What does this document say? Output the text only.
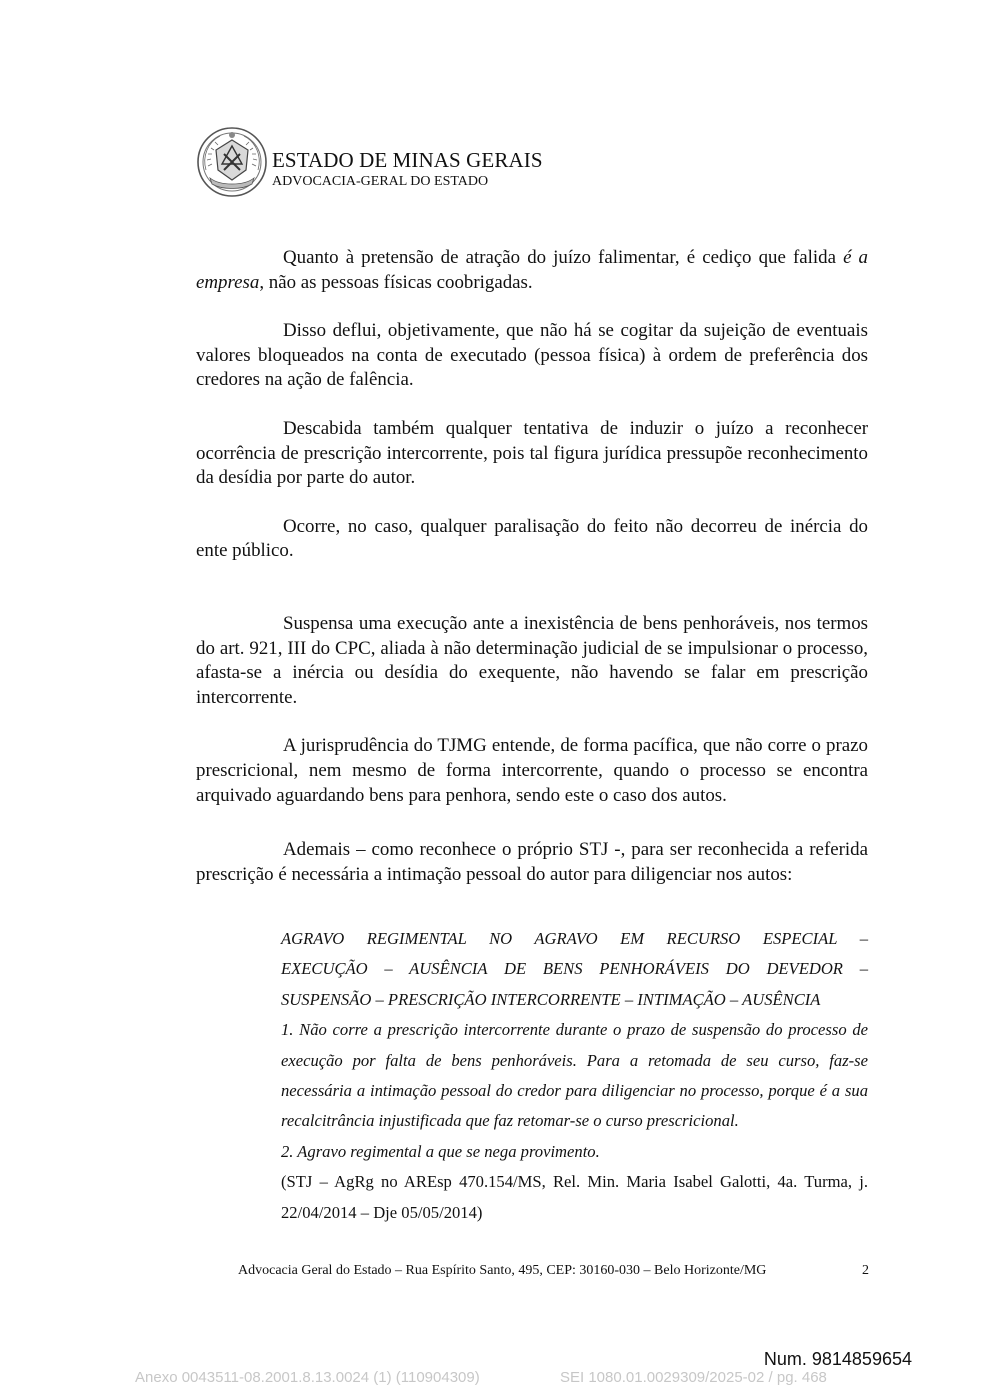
ESTADO DE MINAS GERAIS
ADVOCACIA-GERAL DO ESTADO

Quanto à pretensão de atração do juízo falimentar, é cediço que falida é a empresa, não as pessoas físicas coobrigadas.

Disso deflui, objetivamente, que não há se cogitar da sujeição de eventuais valores bloqueados na conta de executado (pessoa física) à ordem de preferência dos credores na ação de falência.

Descabida também qualquer tentativa de induzir o juízo a reconhecer ocorrência de prescrição intercorrente, pois tal figura jurídica pressupõe reconhecimento da desídia por parte do autor.

Ocorre, no caso, qualquer paralisação do feito não decorreu de inércia do ente público.

Suspensa uma execução ante a inexistência de bens penhoráveis, nos termos do art. 921, III do CPC, aliada à não determinação judicial de se impulsionar o processo, afasta-se a inércia ou desídia do exequente, não havendo se falar em prescrição intercorrente.

A jurisprudência do TJMG entende, de forma pacífica, que não corre o prazo prescricional, nem mesmo de forma intercorrente, quando o processo se encontra arquivado aguardando bens para penhora, sendo este o caso dos autos.

Ademais – como reconhece o próprio STJ -, para ser reconhecida a referida prescrição é necessária a intimação pessoal do autor para diligenciar nos autos:

AGRAVO REGIMENTAL NO AGRAVO EM RECURSO ESPECIAL –

EXECUÇÃO – AUSÊNCIA DE BENS PENHORÁVEIS DO DEVEDOR –

SUSPENSÃO – PRESCRIÇÃO INTERCORRENTE – INTIMAÇÃO – AUSÊNCIA

1. Não corre a prescrição intercorrente durante o prazo de suspensão do processo de execução por falta de bens penhoráveis. Para a retomada de seu curso, faz-se necessária a intimação pessoal do credor para diligenciar no processo, porque é a sua recalcitrância injustificada que faz retomar-se o curso prescricional.

2. Agravo regimental a que se nega provimento.

(STJ – AgRg no AREsp 470.154/MS, Rel. Min. Maria Isabel Galotti, 4a. Turma, j. 22/04/2014 – Dje 05/05/2014)

Advocacia Geral do Estado – Rua Espírito Santo, 495, CEP: 30160-030 – Belo Horizonte/MG	2
Num. 9814859654
Anexo 0043511-08.2001.8.13.0024 (1) (110904309)	SEI 1080.01.0029309/2025-02 / pg. 468
